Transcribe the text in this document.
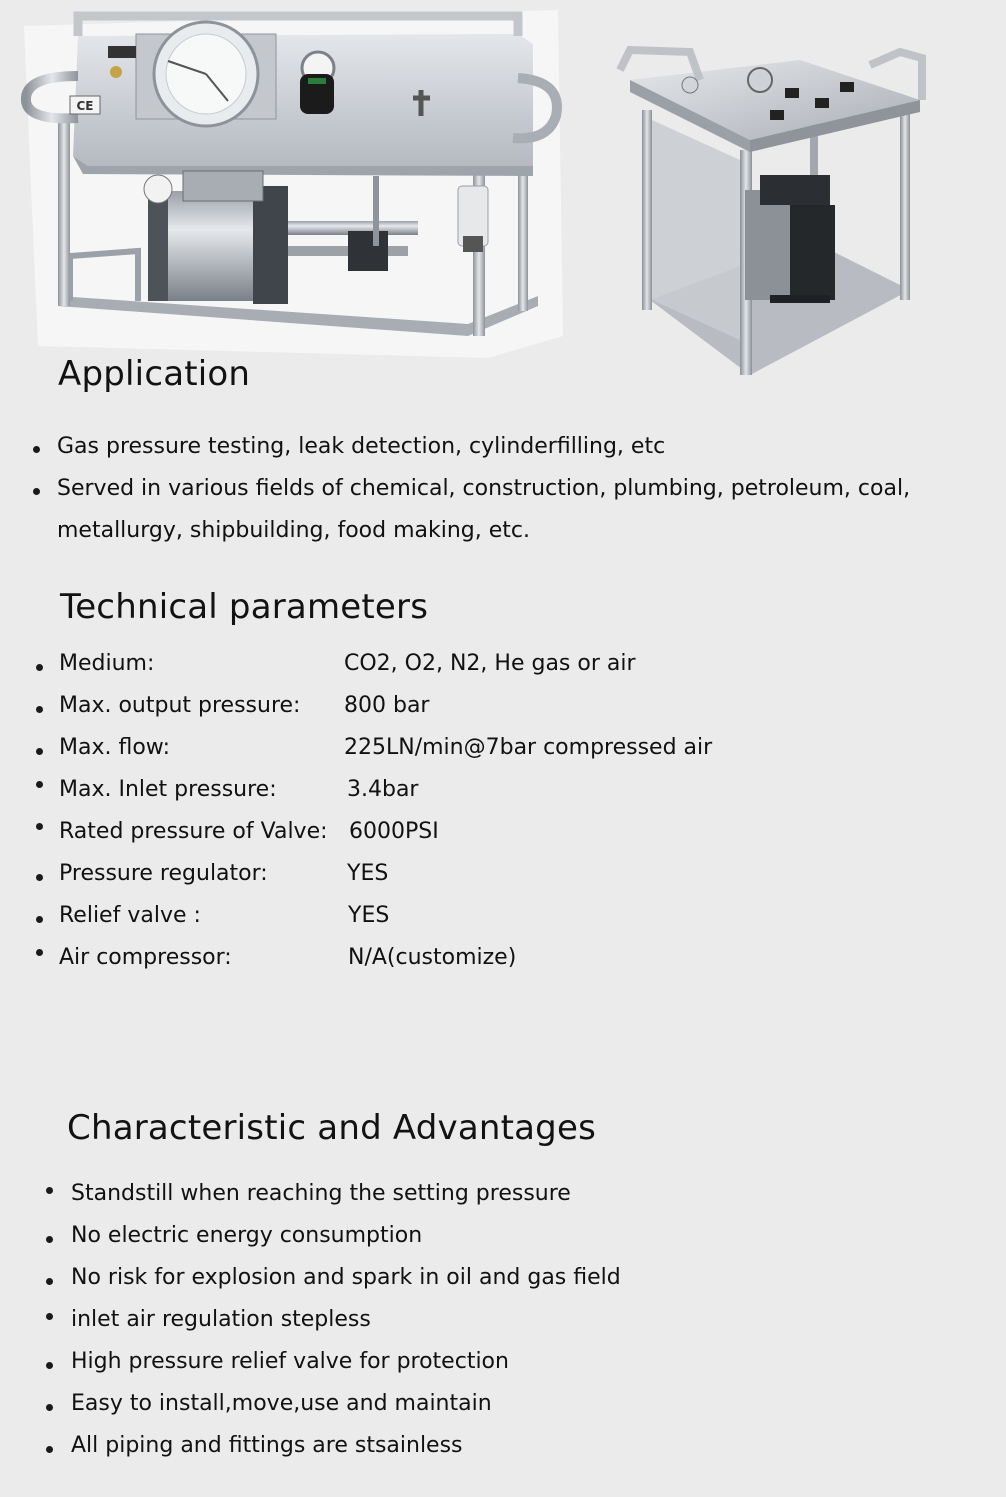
CE
Application
Gas pressure testing, leak detection, cylinderfilling, etc
Served in various fields of chemical, construction, plumbing, petroleum, coal, metallurgy, shipbuilding, food making, etc.
Technical parameters
Medium:	CO2, O2, N2, He gas or air
Max. output pressure: 800 bar
Max. flow:	225LN/min@7bar compressed air
Max. Inlet pressure:	3.4bar
Rated pressure of Valve: 6000PSI
Pressure regulator:	YES
Relief valve :	YES
Air compressor:	N/A(customize)
Characteristic and Advantages
Standstill when reaching the setting pressure
No electric energy consumption
No risk for explosion and spark in oil and gas field
inlet air regulation stepless
High pressure relief valve for protection
Easy to install,move,use and maintain
All piping and fittings are stsainless
